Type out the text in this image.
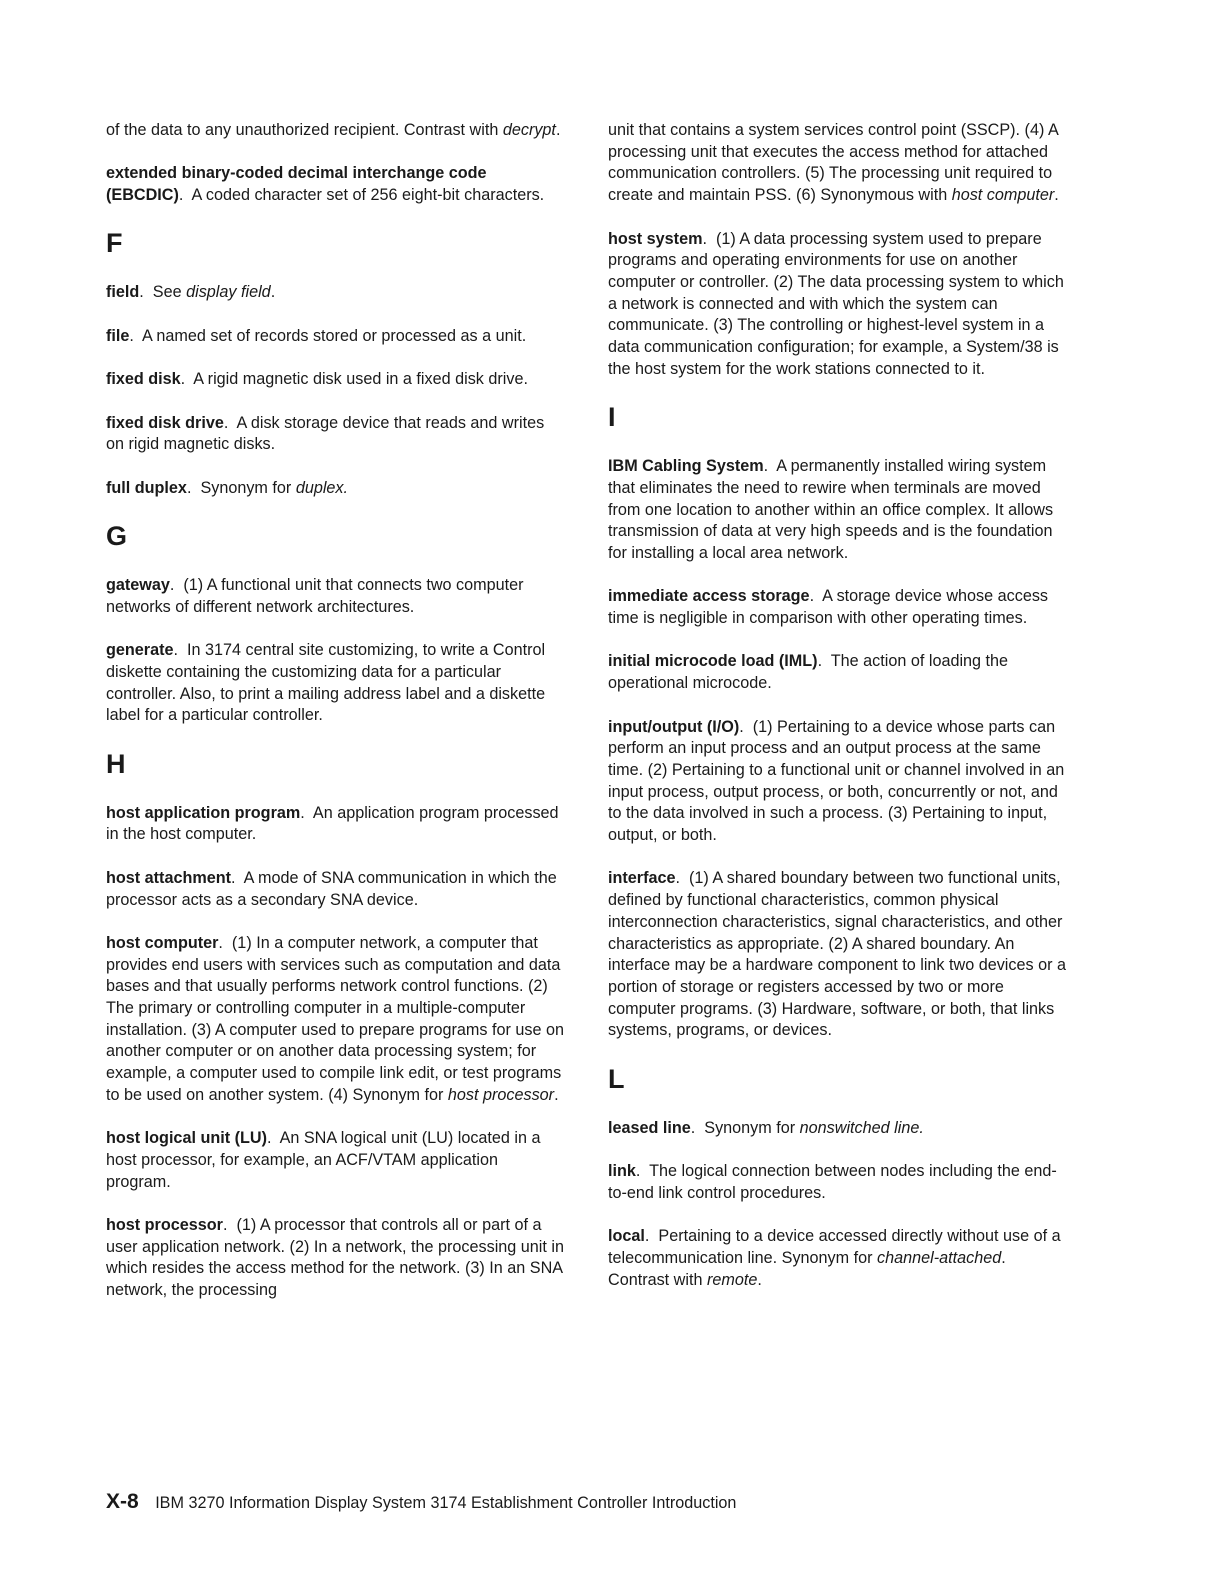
of the data to any unauthorized recipient. Contrast with decrypt.
extended binary-coded decimal interchange code (EBCDIC).  A coded character set of 256 eight-bit characters.
F
field.  See display field.
file.  A named set of records stored or processed as a unit.
fixed disk.  A rigid magnetic disk used in a fixed disk drive.
fixed disk drive.  A disk storage device that reads and writes on rigid magnetic disks.
full duplex.  Synonym for duplex.
G
gateway.  (1) A functional unit that connects two computer networks of different network architectures.
generate.  In 3174 central site customizing, to write a Control diskette containing the customizing data for a particular controller. Also, to print a mailing address label and a diskette label for a particular controller.
H
host application program.  An application program processed in the host computer.
host attachment.  A mode of SNA communication in which the processor acts as a secondary SNA device.
host computer.  (1) In a computer network, a computer that provides end users with services such as computation and data bases and that usually performs network control functions. (2) The primary or controlling computer in a multiple-computer installation. (3) A computer used to prepare programs for use on another computer or on another data processing system; for example, a computer used to compile link edit, or test programs to be used on another system. (4) Synonym for host processor.
host logical unit (LU).  An SNA logical unit (LU) located in a host processor, for example, an ACF/VTAM application program.
host processor.  (1) A processor that controls all or part of a user application network. (2) In a network, the processing unit in which resides the access method for the network. (3) In an SNA network, the processing
unit that contains a system services control point (SSCP). (4) A processing unit that executes the access method for attached communication controllers. (5) The processing unit required to create and maintain PSS. (6) Synonymous with host computer.
host system.  (1) A data processing system used to prepare programs and operating environments for use on another computer or controller. (2) The data processing system to which a network is connected and with which the system can communicate. (3) The controlling or highest-level system in a data communication configuration; for example, a System/38 is the host system for the work stations connected to it.
I
IBM Cabling System.  A permanently installed wiring system that eliminates the need to rewire when terminals are moved from one location to another within an office complex. It allows transmission of data at very high speeds and is the foundation for installing a local area network.
immediate access storage.  A storage device whose access time is negligible in comparison with other operating times.
initial microcode load (IML).  The action of loading the operational microcode.
input/output (I/O).  (1) Pertaining to a device whose parts can perform an input process and an output process at the same time. (2) Pertaining to a functional unit or channel involved in an input process, output process, or both, concurrently or not, and to the data involved in such a process. (3) Pertaining to input, output, or both.
interface.  (1) A shared boundary between two functional units, defined by functional characteristics, common physical interconnection characteristics, signal characteristics, and other characteristics as appropriate. (2) A shared boundary. An interface may be a hardware component to link two devices or a portion of storage or registers accessed by two or more computer programs. (3) Hardware, software, or both, that links systems, programs, or devices.
L
leased line.  Synonym for nonswitched line.
link.  The logical connection between nodes including the end-to-end link control procedures.
local.  Pertaining to a device accessed directly without use of a telecommunication line. Synonym for channel-attached. Contrast with remote.
X-8 IBM 3270 Information Display System 3174 Establishment Controller Introduction
